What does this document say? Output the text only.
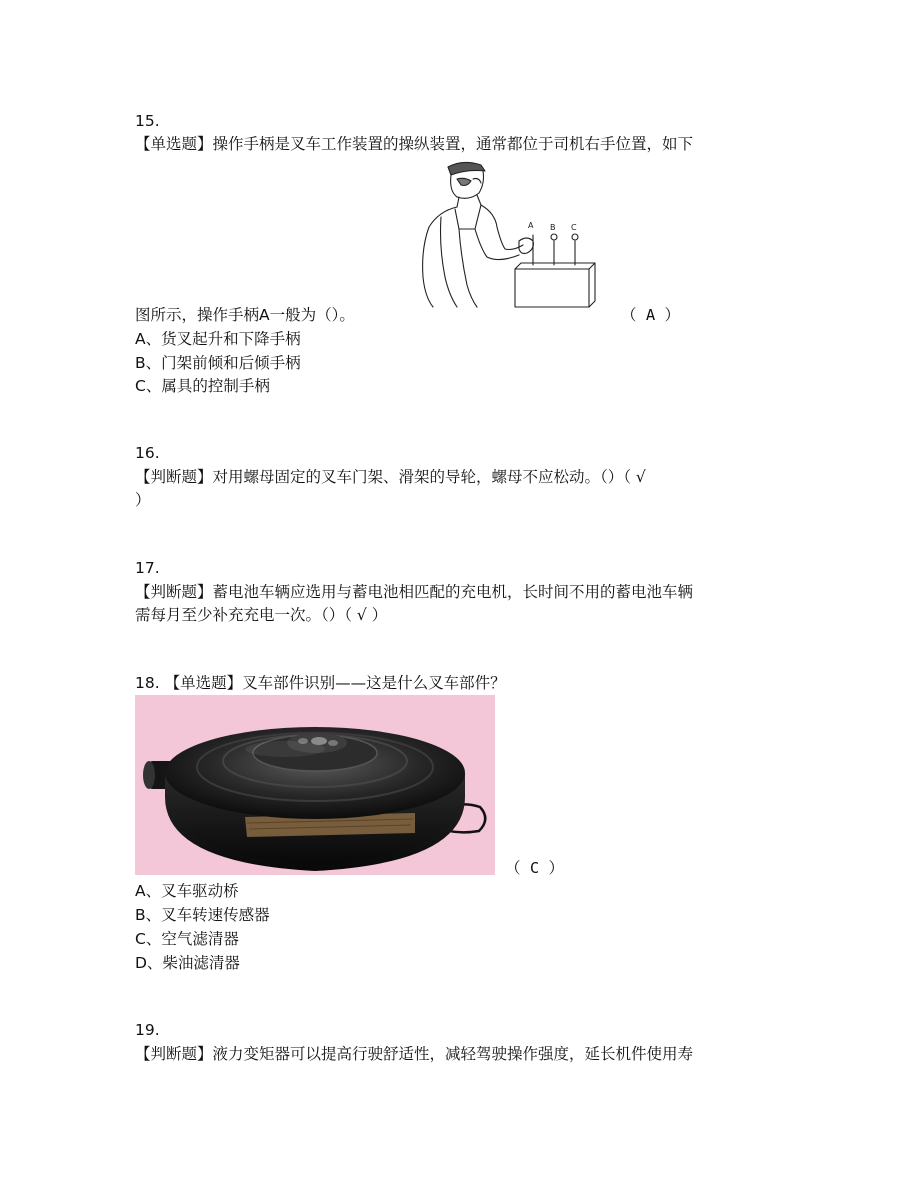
15.
【单选题】操作手柄是叉车工作装置的操纵装置，通常都位于司机右手位置，如下
A B C
图所示，操作手柄A一般为（）。	（ A ）
A、货叉起升和下降手柄
B、门架前倾和后倾手柄
C、属具的控制手柄
16.
【判断题】对用螺母固定的叉车门架、滑架的导轮，螺母不应松动。（）（ √
）
17.
【判断题】蓄电池车辆应选用与蓄电池相匹配的充电机，长时间不用的蓄电池车辆
需每月至少补充充电一次。（）（ √ ）
18. 【单选题】叉车部件识别——这是什么叉车部件？
（ C ）
A、叉车驱动桥
B、叉车转速传感器
C、空气滤清器
D、柴油滤清器
19.
【判断题】液力变矩器可以提高行驶舒适性，减轻驾驶操作强度，延长机件使用寿
